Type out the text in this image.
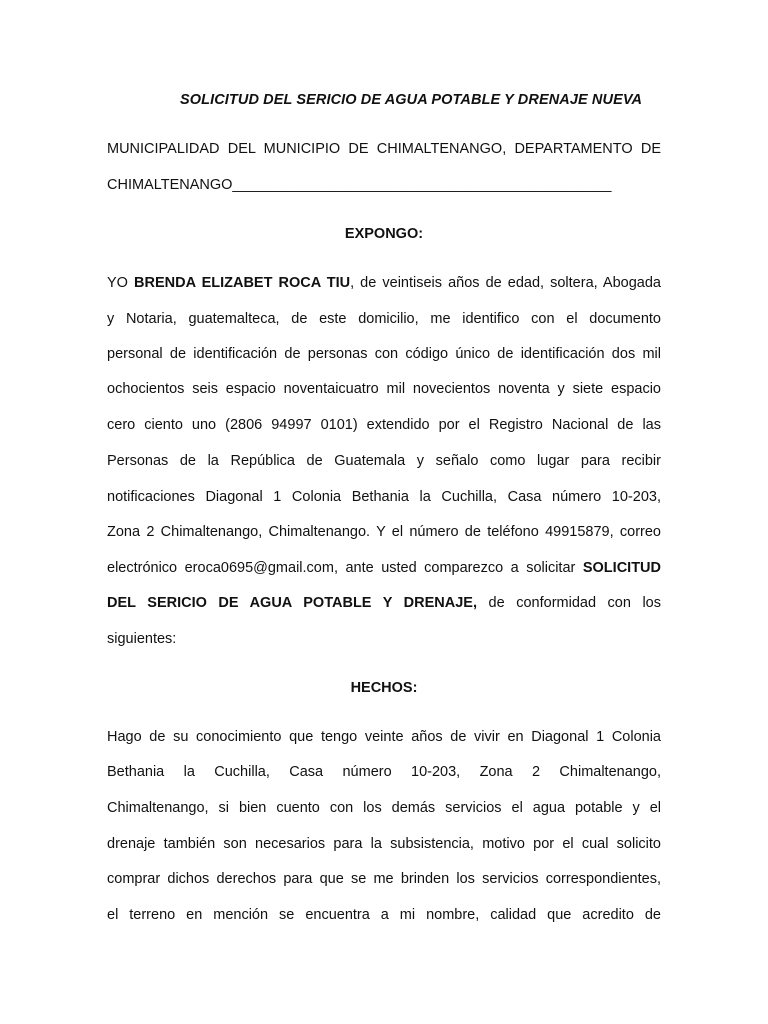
SOLICITUD DEL SERICIO DE AGUA POTABLE Y DRENAJE NUEVA
MUNICIPALIDAD DEL MUNICIPIO DE CHIMALTENANGO, DEPARTAMENTO DE
CHIMALTENANGO_______________________________________________
EXPONGO:
YO BRENDA ELIZABET ROCA TIU, de veintiseis años de edad, soltera, Abogada
y Notaria, guatemalteca, de este domicilio, me identifico con el documento
personal de identificación de personas con código único de identificación dos mil
ochocientos seis espacio noventaicuatro mil novecientos noventa y siete espacio
cero ciento uno (2806 94997 0101) extendido por el Registro Nacional de las
Personas de la República de Guatemala y señalo como lugar para recibir
notificaciones Diagonal 1 Colonia Bethania la Cuchilla, Casa número 10-203,
Zona 2 Chimaltenango, Chimaltenango. Y el número de teléfono 49915879, correo
electrónico eroca0695@gmail.com, ante usted comparezco a solicitar SOLICITUD
DEL SERICIO DE AGUA POTABLE Y DRENAJE, de conformidad con los
siguientes:
HECHOS:
Hago de su conocimiento que tengo veinte años de vivir en Diagonal 1 Colonia
Bethania la Cuchilla, Casa número 10-203, Zona 2 Chimaltenango,
Chimaltenango, si bien cuento con los demás servicios el agua potable y el
drenaje también son necesarios para la subsistencia, motivo por el cual solicito
comprar dichos derechos para que se me brinden los servicios correspondientes,
el terreno en mención se encuentra a mi nombre, calidad que acredito de
